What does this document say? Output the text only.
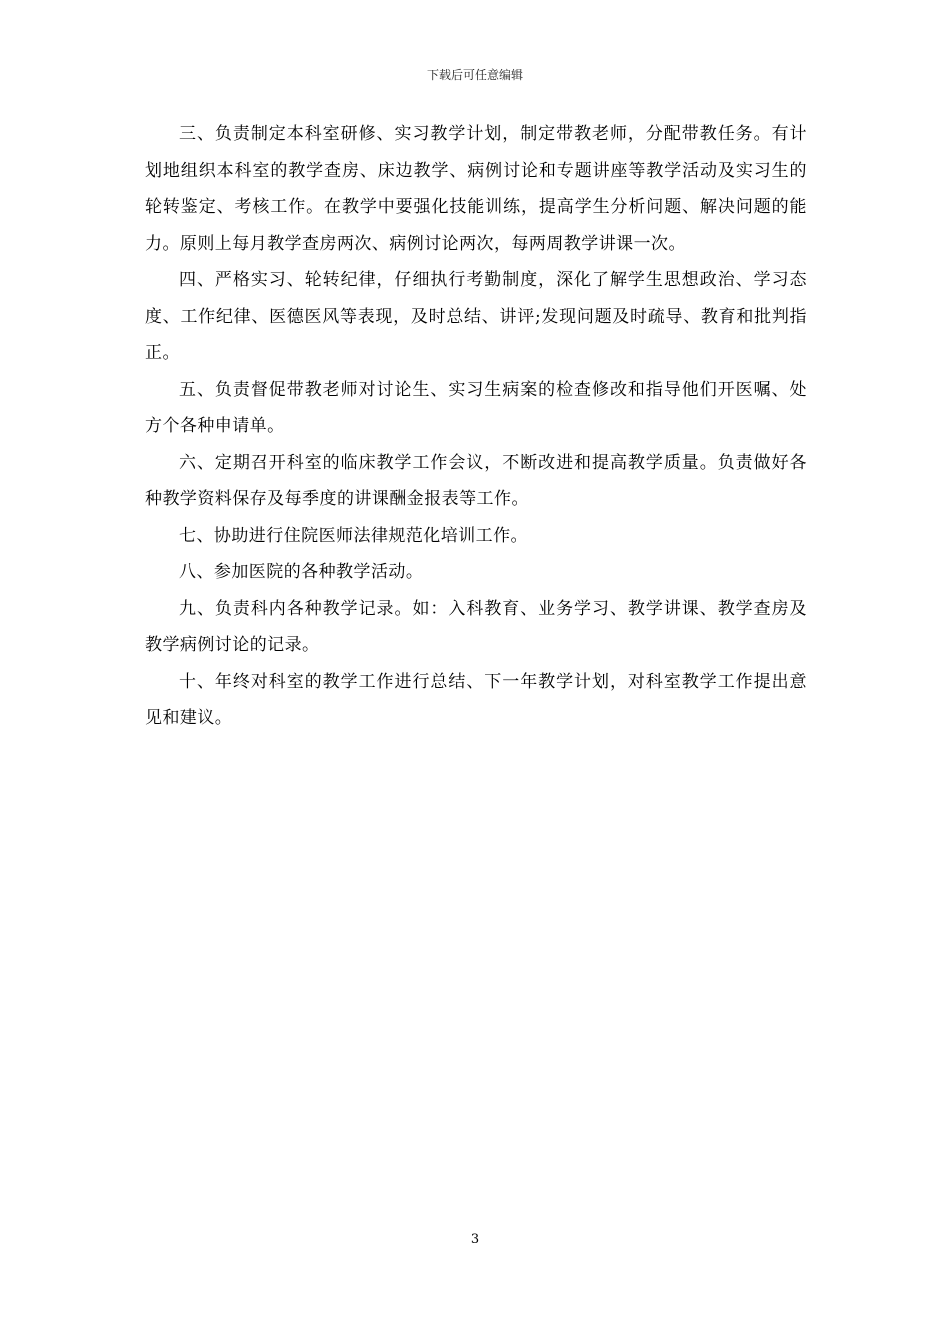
下载后可任意编辑

三、负责制定本科室研修、实习教学计划，制定带教老师，分配带教任务。有计划地组织本科室的教学查房、床边教学、病例讨论和专题讲座等教学活动及实习生的轮转鉴定、考核工作。在教学中要强化技能训练，提高学生分析问题、解决问题的能力。原则上每月教学查房两次、病例讨论两次，每两周教学讲课一次。

四、严格实习、轮转纪律，仔细执行考勤制度，深化了解学生思想政治、学习态度、工作纪律、医德医风等表现，及时总结、讲评;发现问题及时疏导、教育和批判指正。

五、负责督促带教老师对讨论生、实习生病案的检查修改和指导他们开医嘱、处方个各种申请单。

六、定期召开科室的临床教学工作会议，不断改进和提高教学质量。负责做好各种教学资料保存及每季度的讲课酬金报表等工作。

七、协助进行住院医师法律规范化培训工作。

八、参加医院的各种教学活动。

九、负责科内各种教学记录。如：入科教育、业务学习、教学讲课、教学查房及教学病例讨论的记录。

十、年终对科室的教学工作进行总结、下一年教学计划，对科室教学工作提出意见和建议。

3
